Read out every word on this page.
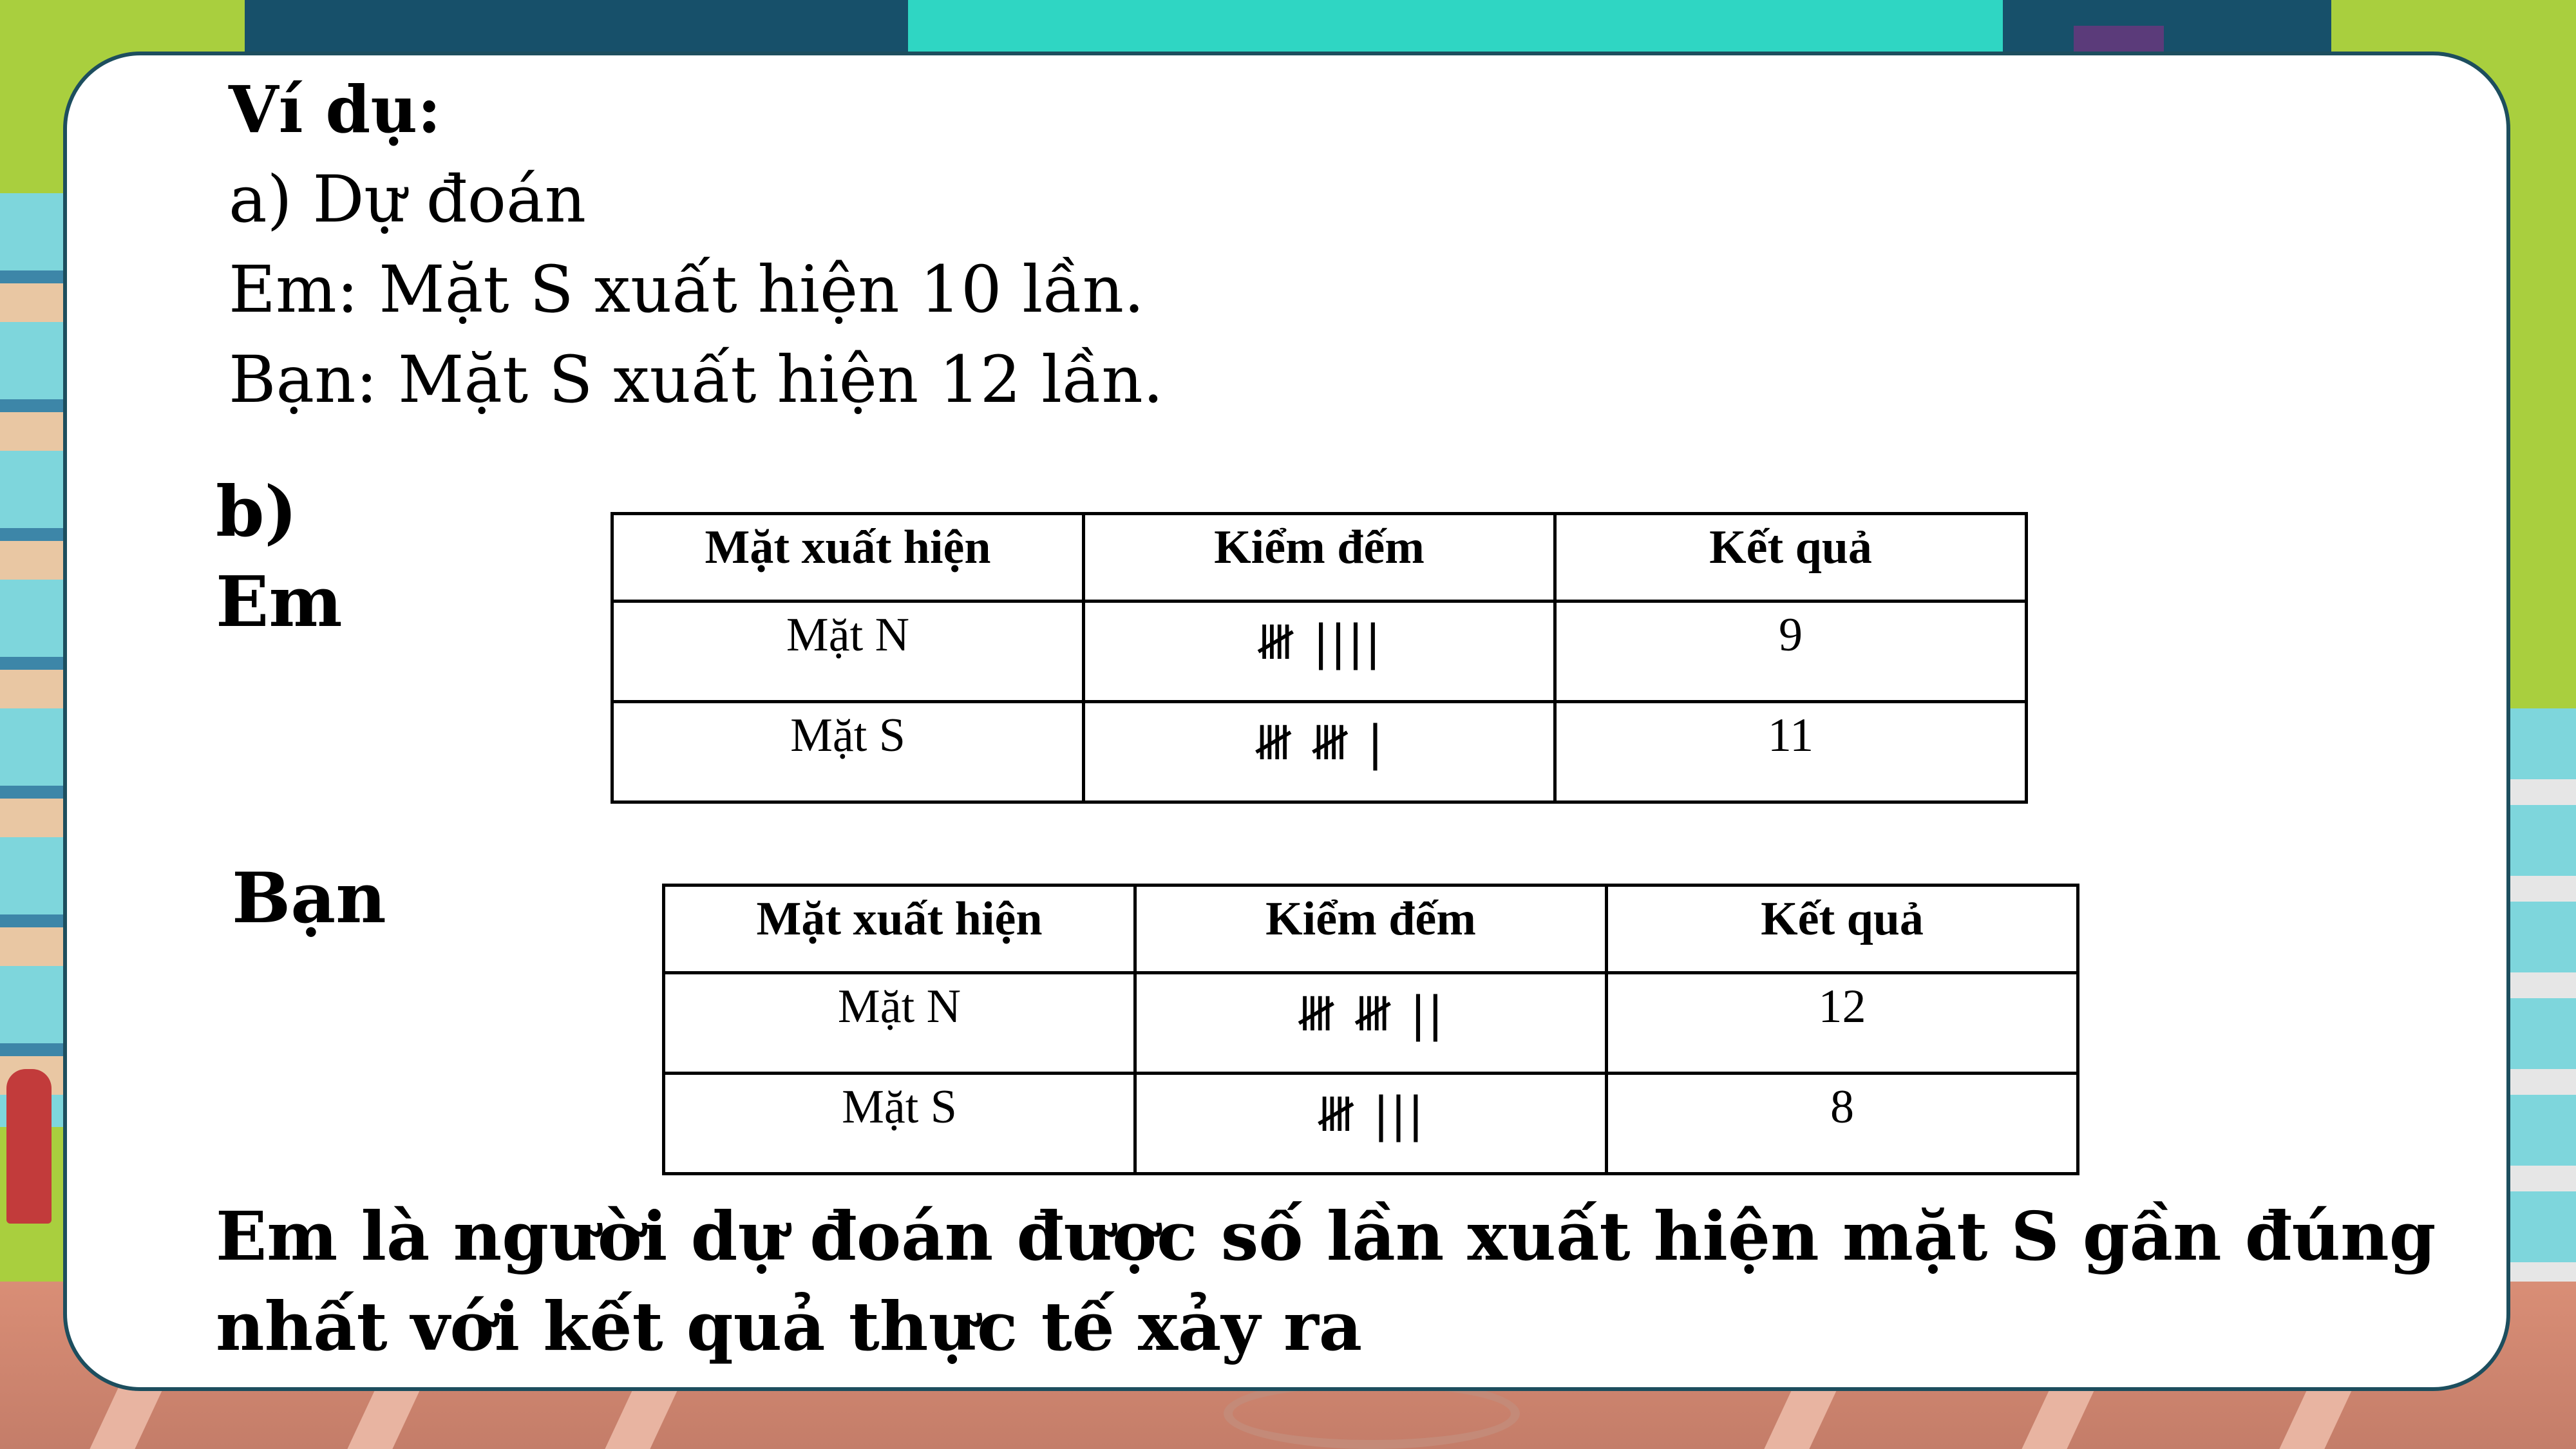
Ví dụ:
a) Dự đoán
Em: Mặt S xuất hiện 10 lần.
Bạn: Mặt S xuất hiện 12 lần.
b)
Em
Bạn
Mặt xuất hiện	Kiểm đếm	Kết quả
Mặt N	𝍸 ||||	9
Mặt S	𝍸 𝍸 |	11
Mặt xuất hiện	Kiểm đếm	Kết quả
Mặt N	𝍸 𝍸 ||	12
Mặt S	𝍸 |||	8
Em là người dự đoán được số lần xuất hiện mặt S gần đúng nhất với kết quả thực tế xảy ra
